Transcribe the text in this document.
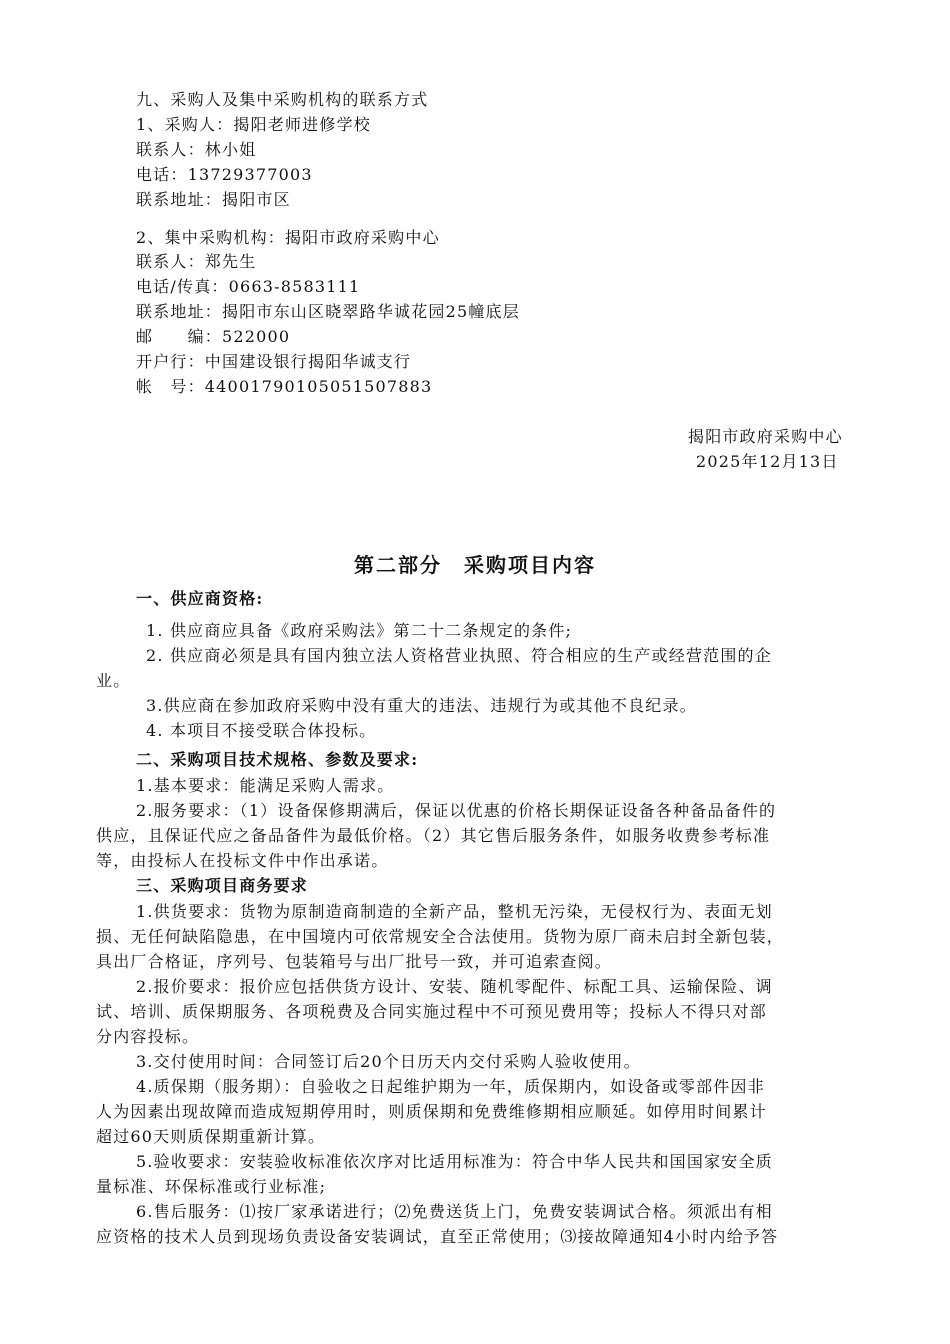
九、采购人及集中采购机构的联系方式
1、采购人：揭阳老师进修学校
联系人：林小姐
电话：13729377003
联系地址：揭阳市区
2、集中采购机构：揭阳市政府采购中心
联系人：郑先生
电话/传真：0663-8583111
联系地址：揭阳市东山区晓翠路华诚花园25幢底层
邮　　编：522000
开户行：中国建设银行揭阳华诚支行
帐　号：44001790105051507883
揭阳市政府采购中心
2025年12月13日
第二部分　采购项目内容
一、供应商资格:
1. 供应商应具备《政府采购法》第二十二条规定的条件;
2. 供应商必须是具有国内独立法人资格营业执照、符合相应的生产或经营范围的企
业。
3.供应商在参加政府采购中没有重大的违法、违规行为或其他不良纪录。
4. 本项目不接受联合体投标。
二、采购项目技术规格、参数及要求:
1.基本要求：能满足采购人需求。
2.服务要求：（1）设备保修期满后，保证以优惠的价格长期保证设备各种备品备件的
供应，且保证代应之备品备件为最低价格。（2）其它售后服务条件，如服务收费参考标准
等，由投标人在投标文件中作出承诺。
三、采购项目商务要求
1.供货要求：货物为原制造商制造的全新产品，整机无污染，无侵权行为、表面无划
损、无任何缺陷隐患，在中国境内可依常规安全合法使用。货物为原厂商未启封全新包装，
具出厂合格证，序列号、包装箱号与出厂批号一致，并可追索查阅。
2.报价要求：报价应包括供货方设计、安装、随机零配件、标配工具、运输保险、调
试、培训、质保期服务、各项税费及合同实施过程中不可预见费用等；投标人不得只对部
分内容投标。
3.交付使用时间：合同签订后20个日历天内交付采购人验收使用。
4.质保期（服务期）：自验收之日起维护期为一年，质保期内，如设备或零部件因非
人为因素出现故障而造成短期停用时，则质保期和免费维修期相应顺延。如停用时间累计
超过60天则质保期重新计算。
5.验收要求：安装验收标准依次序对比适用标准为：符合中华人民共和国国家安全质
量标准、环保标准或行业标准;
6.售后服务：⑴按厂家承诺进行；⑵免费送货上门，免费安装调试合格。须派出有相
应资格的技术人员到现场负责设备安装调试，直至正常使用；⑶接故障通知4小时内给予答
